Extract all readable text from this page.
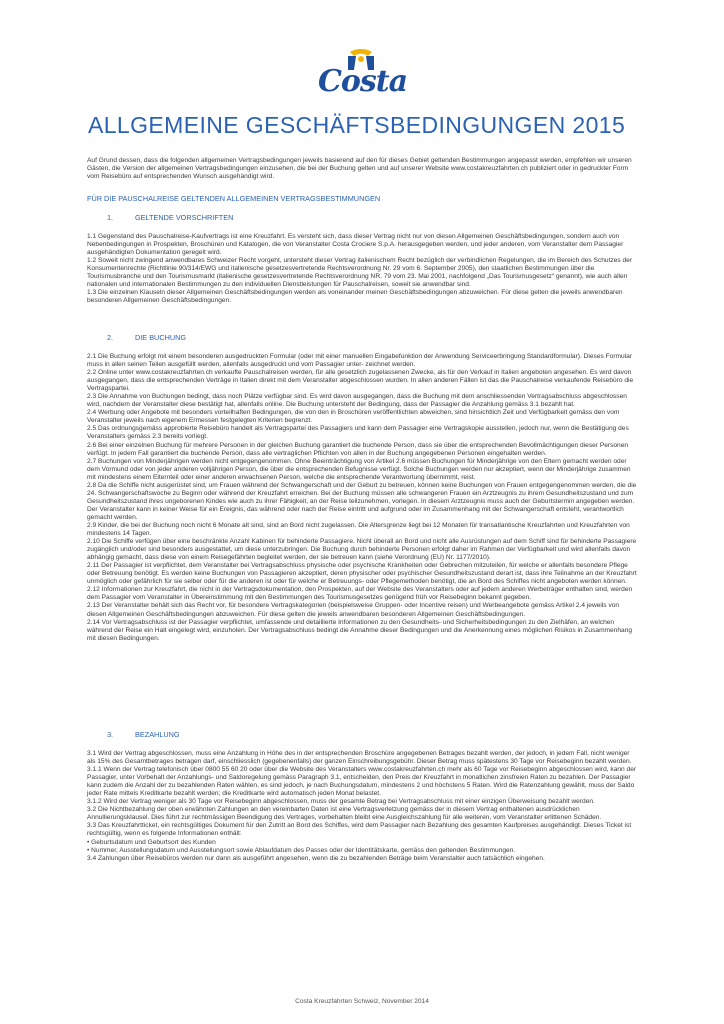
Costa
ALLGEMEINE GESCHÄFTSBEDINGUNGEN 2015

Auf Grund dessen, dass die folgenden allgemeinen Vertragsbedingungen jeweils basierend auf den für dieses Gebiet geltenden Bestimmungen angepasst werden, empfehlen wir unseren Gästen, die Version der allgemeinen Vertragsbedingungen einzusehen, die bei der Buchung gelten und auf unserer Website www.costakreuzfahrten.ch publiziert oder in gedruckter Form vom Reisebüro auf entsprechenden Wunsch ausgehändigt wird.

FÜR DIE PAUSCHALREISE GELTENDEN ALLGEMEINEN VERTRAGSBESTIMMUNGEN

1.	GELTENDE VORSCHRIFTEN

1.1 Gegenstand des Pauschalreise-Kaufvertrags ist eine Kreuzfahrt. Es versteht sich, dass dieser Vertrag nicht nur von diesen Allgemeinen Geschäftsbedingungen, sondern auch von Nebenbedingungen in Prospekten, Broschüren und Katalogen, die von Veranstalter Costa Crociere S.p.A. herausgegeben werden, und jeder anderen, vom Veranstalter dem Passagier ausgehändigten Dokumentation geregelt wird.
1.2 Soweit nicht zwingend anwendbares Schweizer Recht vorgeht, untersteht dieser Vertrag italienischem Recht bezüglich der verbindlichen Regelungen, die im Bereich des Schutzes der Konsumentenrechte (Richtlinie 90/314/EWG und italienische gesetzesvertretende Rechtsverordnung Nr. 29 vom 6. September 2005), den staatlichen Bestimmungen über die Tourismusbranche und den Tourismusmarkt (italienische gesetzesvertretende Rechtsverordnung NR. 79 vom 23. Mai 2001, nachfolgend „Das Tourismusgesetz“ genannt), wie auch allen nationalen und internationalen Bestimmungen zu den individuellen Dienstleistungen für Pauschalreisen, soweit sie anwendbar sind.
1.3 Die einzelnen Klauseln dieser Allgemeinen Geschäftsbedingungen werden als voneinander meinen Geschäftsbedingungen abzuweichen. Für diese gelten die jeweils anwendbaren besonderen Allgemeinen Geschäftsbedingungen.

2.	DIE BUCHUNG

2.1 Die Buchung erfolgt mit einem besonderen ausgedruckten Formular (oder mit einer manuellen Eingabefunktion der Anwendung Serviceerbringung Standardformular). Dieses Formular muss in allen seinen Teilen ausgefüllt werden, allenfalls ausgedruckt und vom Passagier unter- zeichnet werden.
2.2 Online unter www.costakreuzfahrten.ch verkaufte Pauschalreisen werden, für alle gesetzlich zugelassenen Zwecke, als für den Verkauf in Italien angeboten angesehen. Es wird davon ausgegangen, dass die entsprechenden Verträge in Italien direkt mit dem Veranstalter abgeschlossen wurden. In allen anderen Fällen ist das die Pauschalreise verkaufende Reisebüro die Vertragspartei.
2.3 Die Annahme von Buchungen bedingt, dass noch Plätze verfügbar sind. Es wird davon ausgegangen, dass die Buchung mit dem anschliessenden Vertragsabschluss abgeschlossen wird, nachdem der Veranstalter diese bestätigt hat, allenfalls online. Die Buchung untersteht der Bedingung, dass der Passagier die Anzahlung gemäss 3.1 bezahlt hat.
2.4 Werbung oder Angebote mit besonders vorteilhaften Bedingungen, die von den in Broschüren veröffentlichten abweichen, sind hinsichtlich Zeit und Verfügbarkeit gemäss den vom Veranstalter jeweils nach eigenem Ermessen festgelegten Kriterien begrenzt.
2.5 Das ordnungsgemäss approbierte Reisebüro handelt als Vertragspartei des Passagiers und kann dem Passagier eine Vertragskopie ausstellen, jedoch nur, wenn die Bestätigung des Veranstalters gemäss 2.3 bereits vorliegt.
2.6 Bei einer einzelnen Buchung für mehrere Personen in der gleichen Buchung garantiert die buchende Person, dass sie über die entsprechenden Bevollmächtigungen dieser Personen verfügt. In jedem Fall garantiert die buchende Person, dass alle vertraglichen Pflichten von allen in der Buchung angegebenen Personen eingehalten werden.
2.7 Buchungen von Minderjährigen werden nicht entgegengenommen. Ohne Beeinträchtigung von Artikel 2.6 müssen Buchungen für Minderjährige von den Eltern gemacht werden oder dem Vormund oder von jeder anderen volljährigen Person, die über die entsprechenden Befugnisse verfügt. Solche Buchungen werden nur akzeptiert, wenn der Minderjährige zusammen mit mindestens einem Elternteil oder einer anderen erwachsenen Person, welche die entsprechende Verantwortung übernimmt, reist.
2.8 Da die Schiffe nicht ausgerüstet sind, um Frauen während der Schwangerschaft und der Geburt zu betreuen, können keine Buchungen von Frauen entgegengenommen werden, die die 24. Schwangerschaftswoche zu Beginn oder während der Kreuzfahrt erreichen. Bei der Buchung müssen alle schwangeren Frauen ein Arztzeugnis zu ihrem Gesundheitszustand und zum Gesundheitszustand ihres ungeborenen Kindes wie auch zu ihrer Fähigkeit, an der Reise teilzunehmen, vorlegen. In diesem Arztzeugnis muss auch der Geburtstermin angegeben werden. Der Veranstalter kann in keiner Weise für ein Ereignis, das während oder nach der Reise eintritt und aufgrund oder im Zusammenhang mit der Schwangerschaft entsteht, verantwortlich gemacht werden.
2.9 Kinder, die bei der Buchung noch nicht 6 Monate alt sind, sind an Bord nicht zugelassen. Die Altersgrenze liegt bei 12 Monaten für transatlantische Kreuzfahrten und Kreuzfahrten von mindestens 14 Tagen.
2.10 Die Schiffe verfügen über eine beschränkte Anzahl Kabinen für behinderte Passagiere. Nicht überall an Bord und nicht alle Ausrüstungen auf dem Schiff sind für behinderte Passagiere zugänglich und/oder sind besonders ausgestattet, um diese unterzubringen. Die Buchung durch behinderte Personen erfolgt daher im Rahmen der Verfügbarkeit und wird allenfalls davon abhängig gemacht, dass diese von einem Reisegefährten begleitet werden, der sie betreuen kann (siehe Verordnung (EU) Nr. 1177/2010).
2.11 Der Passagier ist verpflichtet, dem Veranstalter bei Vertragsabschluss physische oder psychische Krankheiten oder Gebrechen mitzuteilen, für welche er allenfalls besondere Pflege oder Betreuung benötigt. Es werden keine Buchungen von Passagieren akzeptiert, deren physischer oder psychischer Gesundheitszustand derart ist, dass ihre Teilnahme an der Kreuzfahrt unmöglich oder gefährlich für sie selber oder für die anderen ist oder für welche er Betreuungs- oder Pflegemethoden benötigt, die an Bord des Schiffes nicht angeboten werden können.
2.12 Informationen zur Kreuzfahrt, die nicht in der Vertragsdokumentation, den Prospekten, auf der Website des Veranstalters oder auf jedem anderen Werbeträger enthalten sind, werden dem Passagier vom Veranstalter in Übereinstimmung mit den Bestimmungen des Tourismusgesetzes genügend früh vor Reisebeginn bekannt gegeben.
2.13 Der Veranstalter behält sich das Recht vor, für besondere Vertragskategorien (beispielsweise Gruppen- oder Incentive reisen) und Werbeangebote gemäss Artikel 2.4 jeweils von diesen Allgemeinen Geschäftsbedingungen abzuweichen. Für diese gelten die jeweils anwendbaren besonderen Allgemeinen Geschäftsbedingungen.
2.14 Vor Vertragsabschluss ist der Passagier verpflichtet, umfassende und detaillierte Informationen zu den Gesundheits- und Sicherheitsbedingungen zu den Zielhäfen, an welchen während der Reise ein Halt eingelegt wird, einzuholen. Der Vertragsabschluss bedingt die Annahme dieser Bedingungen und die Anerkennung eines möglichen Risikos in Zusammenhang mit diesen Bedingungen.

3.	BEZAHLUNG

3.1 Wird der Vertrag abgeschlossen, muss eine Anzahlung in Höhe des in der entsprechenden Broschüre angegebenen Betrages bezahlt werden, der jedoch, in jedem Fall, nicht weniger als 15% des Gesamtbetrages betragen darf, einschliesslich (gegebenenfalls) der ganzen Einschreibungsgebühr. Dieser Betrag muss spätestens 30 Tage vor Reisebeginn bezahlt werden.
3.1.1 Wenn der Vertrag telefonisch über 0800 55 60 20 oder über die Website des Veranstalters www.costakreuzfahrten.ch mehr als 60 Tage vor Reisebeginn abgeschlossen wird, kann der Passagier, unter Vorbehalt der Anzahlungs- und Saldoregelung gemäss Paragraph 3.1, entscheiden, den Preis der Kreuzfahrt in monatlichen zinsfreien Raten zu bezahlen. Der Passagier kann zudem die Anzahl der zu bezahlenden Raten wählen, es sind jedoch, je nach Buchungsdatum, mindestens 2 und höchstens 5 Raten. Wird die Ratenzahlung gewählt, muss der Saldo jeder Rate mittels Kreditkarte bezahlt werden; die Kreditkarte wird automatisch jeden Monat belastet.
3.1.2 Wird der Vertrag weniger als 30 Tage vor Reisebeginn abgeschlossen, muss der gesamte Betrag bei Vertragsabschluss mit einer einzigen Überweisung bezahlt werden.
3.2 Die Nichtbezahlung der oben erwähnten Zahlungen an den vereinbarten Daten ist eine Vertragsverletzung gemäss der in diesem Vertrag enthaltenen ausdrücklichen Annullierungsklausel. Dies führt zur rechtmässigen Beendigung des Vertrages, vorbehalten bleibt eine Ausgleichszahlung für alle weiteren, vom Veranstalter erlittenen Schäden.
3.3 Das Kreuzfahrtticket, ein rechtsgültiges Dokument für den Zutritt an Bord des Schiffes, wird dem Passagier nach Bezahlung des gesamten Kaufpreises ausgehändigt. Dieses Ticket ist rechtsgültig, wenn es folgende Informationen enthält:
• Geburtsdatum und Geburtsort des Kunden
• Nummer, Ausstellungsdatum und Ausstellungsort sowie Ablaufdatum des Passes oder der Identitätskarte, gemäss den geltenden Bestimmungen.
3.4 Zahlungen über Reisebüros werden nur dann als ausgeführt angesehen, wenn die zu bezahlenden Beträge beim Veranstalter auch tatsächlich eingehen.

Costa Kreuzfahrten Schweiz, November 2014
